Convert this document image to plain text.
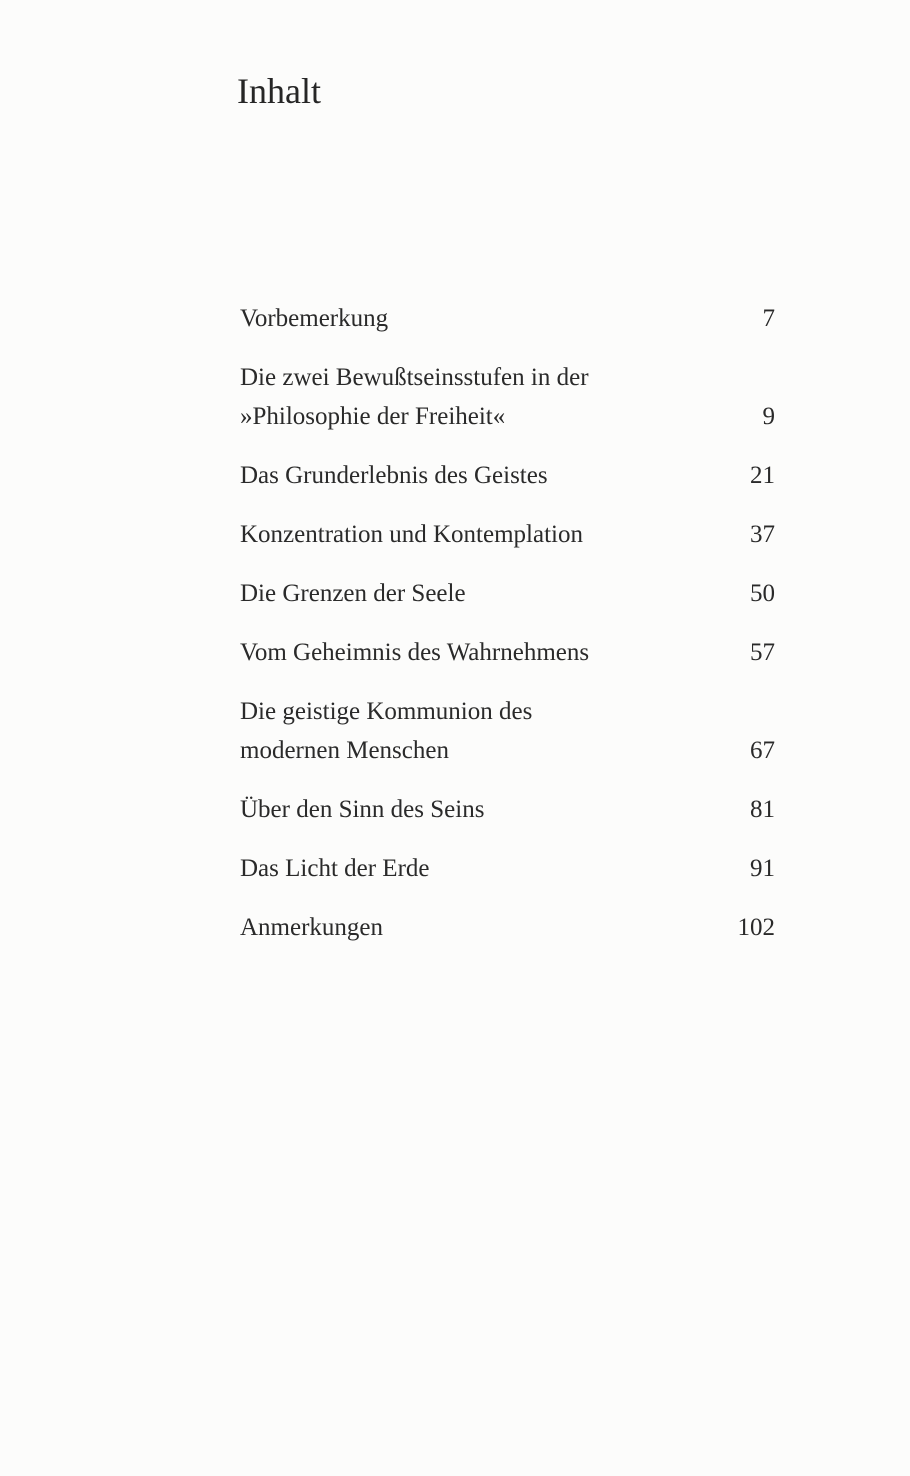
Inhalt
Vorbemerkung	7
Die zwei Bewußtseinsstufen in der
»Philosophie der Freiheit«	9
Das Grunderlebnis des Geistes	21
Konzentration und Kontemplation	37
Die Grenzen der Seele	50
Vom Geheimnis des Wahrnehmens	57
Die geistige Kommunion des
modernen Menschen	67
Über den Sinn des Seins	81
Das Licht der Erde	91
Anmerkungen	102
